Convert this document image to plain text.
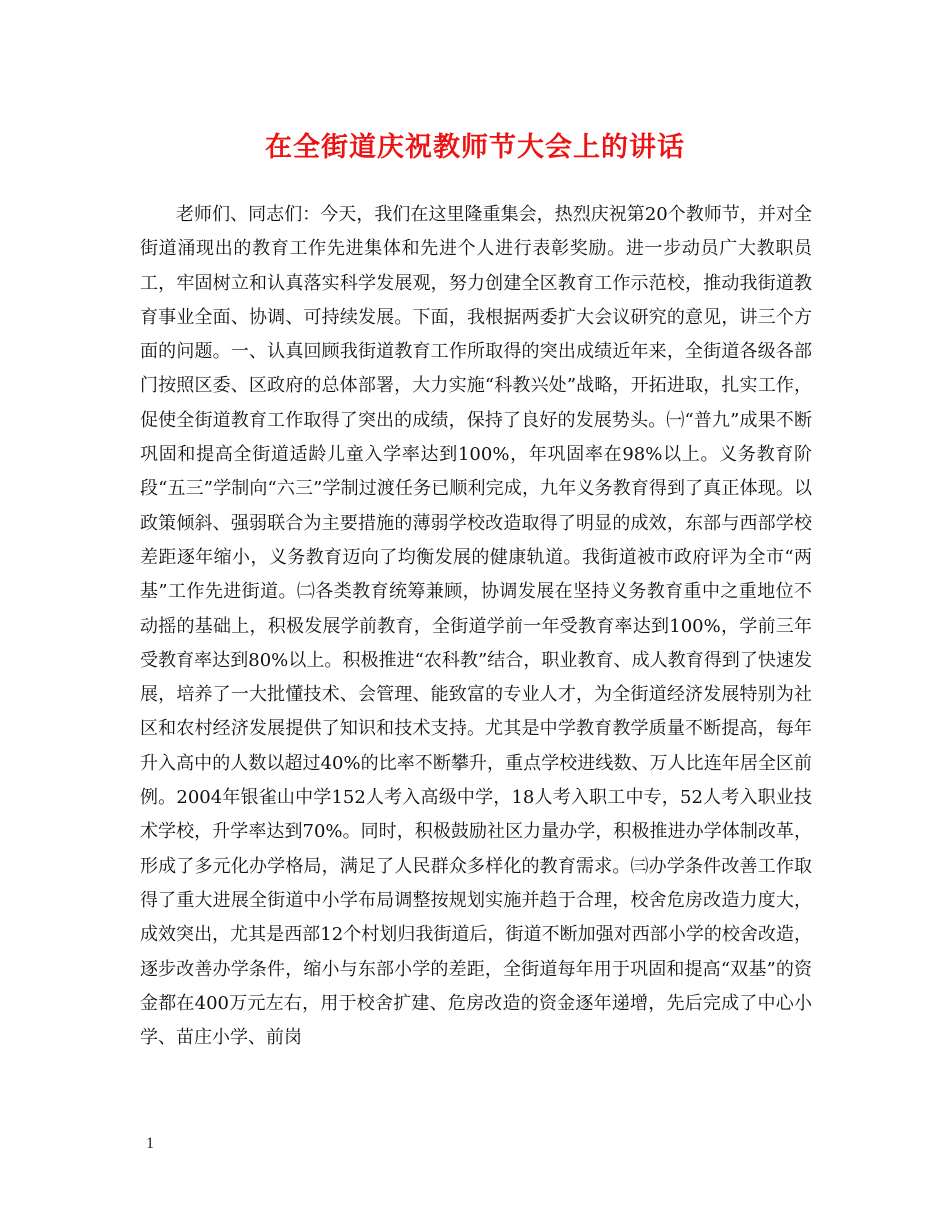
在全街道庆祝教师节大会上的讲话

老师们、同志们：今天，我们在这里隆重集会，热烈庆祝第20个教师节，并对全街道涌现出的教育工作先进集体和先进个人进行表彰奖励。进一步动员广大教职员工，牢固树立和认真落实科学发展观，努力创建全区教育工作示范校，推动我街道教育事业全面、协调、可持续发展。下面，我根据两委扩大会议研究的意见，讲三个方面的问题。一、认真回顾我街道教育工作所取得的突出成绩近年来，全街道各级各部门按照区委、区政府的总体部署，大力实施“科教兴处”战略，开拓进取，扎实工作，促使全街道教育工作取得了突出的成绩，保持了良好的发展势头。㈠“普九”成果不断巩固和提高全街道适龄儿童入学率达到100%，年巩固率在98%以上。义务教育阶段“五三”学制向“六三”学制过渡任务已顺利完成，九年义务教育得到了真正体现。以政策倾斜、强弱联合为主要措施的薄弱学校改造取得了明显的成效，东部与西部学校差距逐年缩小，义务教育迈向了均衡发展的健康轨道。我街道被市政府评为全市“两基”工作先进街道。㈡各类教育统筹兼顾，协调发展在坚持义务教育重中之重地位不动摇的基础上，积极发展学前教育，全街道学前一年受教育率达到100%，学前三年受教育率达到80%以上。积极推进“农科教”结合，职业教育、成人教育得到了快速发展，培养了一大批懂技术、会管理、能致富的专业人才，为全街道经济发展特别为社区和农村经济发展提供了知识和技术支持。尤其是中学教育教学质量不断提高，每年升入高中的人数以超过40%的比率不断攀升，重点学校进线数、万人比连年居全区前例。2004年银雀山中学152人考入高级中学，18人考入职工中专，52人考入职业技术学校，升学率达到70%。同时，积极鼓励社区力量办学，积极推进办学体制改革，形成了多元化办学格局，满足了人民群众多样化的教育需求。㈢办学条件改善工作取得了重大进展全街道中小学布局调整按规划实施并趋于合理，校舍危房改造力度大，成效突出，尤其是西部12个村划归我街道后，街道不断加强对西部小学的校舍改造，逐步改善办学条件，缩小与东部小学的差距，全街道每年用于巩固和提高“双基”的资金都在400万元左右，用于校舍扩建、危房改造的资金逐年递增，先后完成了中心小学、苗庄小学、前岗

1
